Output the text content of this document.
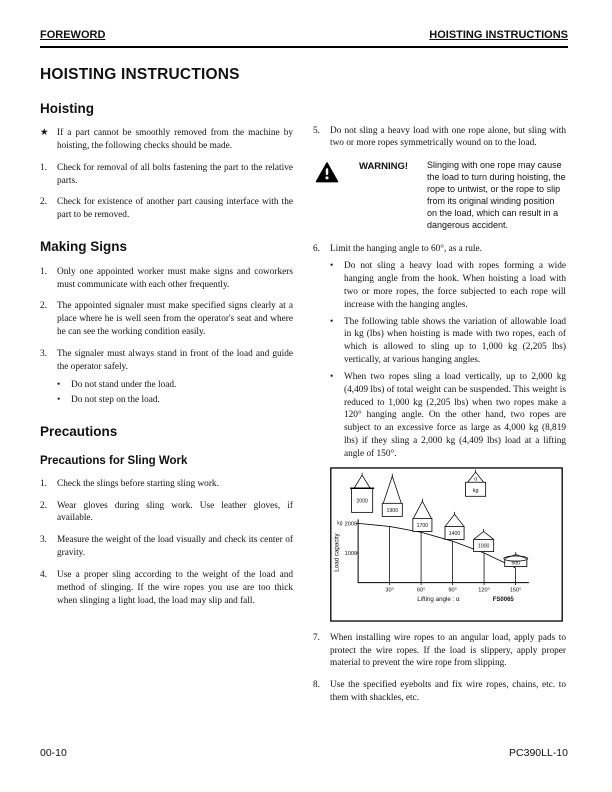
FOREWORD	HOISTING INSTRUCTIONS
HOISTING INSTRUCTIONS
Hoisting
★ If a part cannot be smoothly removed from the machine by hoisting, the following checks should be made.
1.	Check for removal of all bolts fastening the part to the relative parts.
2.	Check for existence of another part causing interface with the part to be removed.
Making Signs
1.	Only one appointed worker must make signs and coworkers must communicate with each other frequently.
2.	The appointed signaler must make specified signs clearly at a place where he is well seen from the operator's seat and where he can see the working condition easily.
3.	The signaler must always stand in front of the load and guide the operator safely.
•	Do not stand under the load.
•	Do not step on the load.
Precautions
Precautions for Sling Work
1.	Check the slings before starting sling work.
2.	Wear gloves during sling work. Use leather gloves, if available.
3.	Measure the weight of the load visually and check its center of gravity.
4.	Use a proper sling according to the weight of the load and method of slinging. If the wire ropes you use are too thick when slinging a light load, the load may slip and fall.
5.	Do not sling a heavy load with one rope alone, but sling with two or more ropes symmetrically wound on to the load.
WARNING!	Slinging with one rope may cause the load to turn during hoisting, the rope to untwist, or the rope to slip from its original winding position on the load, which can result in a dangerous accident.
6.	Limit the hanging angle to 60°, as a rule.
•	Do not sling a heavy load with ropes forming a wide hanging angle from the hook. When hoisting a load with two or more ropes, the force subjected to each rope will increase with the hanging angles.
•	The following table shows the variation of allowable load in kg (lbs) when hoisting is made with two ropes, each of which is allowed to sling up to 1,000 kg (2,205 lbs) vertically, at various hanging angles.
•	When two ropes sling a load vertically, up to 2,000 kg (4,409 lbs) of total weight can be suspended. This weight is reduced to 1,000 kg (2,205 lbs) when two ropes make a 120° hanging angle. On the other hand, two ropes are subject to an excessive force as large as 4,000 kg (8,819 lbs) if they sling a 2,000 kg (4,409 lbs) load at a lifting angle of 150°.
2000
1000
kg
Load capacity
30°	60°	90°	120°	150°
2000
1900
1700
1400
1000
500
α
kg
Lifting angle : α	FS0065
7.	When installing wire ropes to an angular load, apply pads to protect the wire ropes. If the load is slippery, apply proper material to prevent the wire rope from slipping.
8.	Use the specified eyebolts and fix wire ropes, chains, etc. to them with shackles, etc.
00-10	PC390LL-10
